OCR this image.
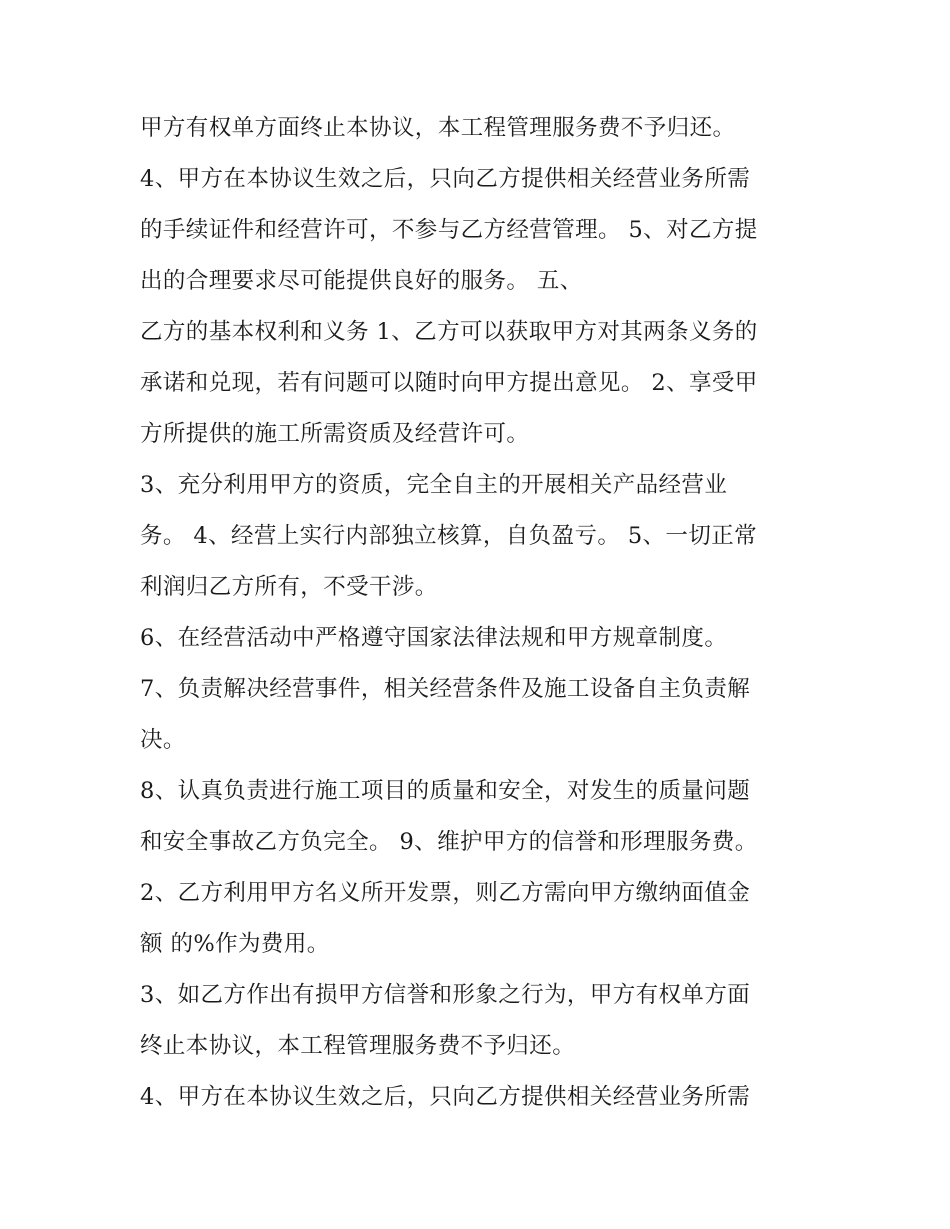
甲方有权单方面终止本协议，本工程管理服务费不予归还。
4、甲方在本协议生效之后，只向乙方提供相关经营业务所需
的手续证件和经营许可，不参与乙方经营管理。 5、对乙方提
出的合理要求尽可能提供良好的服务。 五、
乙方的基本权利和义务 1、乙方可以获取甲方对其两条义务的
承诺和兑现，若有问题可以随时向甲方提出意见。 2、享受甲
方所提供的施工所需资质及经营许可。
3、充分利用甲方的资质，完全自主的开展相关产品经营业
务。 4、经营上实行内部独立核算，自负盈亏。 5、一切正常
利润归乙方所有，不受干涉。
6、在经营活动中严格遵守国家法律法规和甲方规章制度。
7、负责解决经营事件，相关经营条件及施工设备自主负责解
决。
8、认真负责进行施工项目的质量和安全，对发生的质量问题
和安全事故乙方负完全。 9、维护甲方的信誉和形理服务费。
2、乙方利用甲方名义所开发票，则乙方需向甲方缴纳面值金
额 的%作为费用。
3、如乙方作出有损甲方信誉和形象之行为，甲方有权单方面
终止本协议，本工程管理服务费不予归还。
4、甲方在本协议生效之后，只向乙方提供相关经营业务所需
